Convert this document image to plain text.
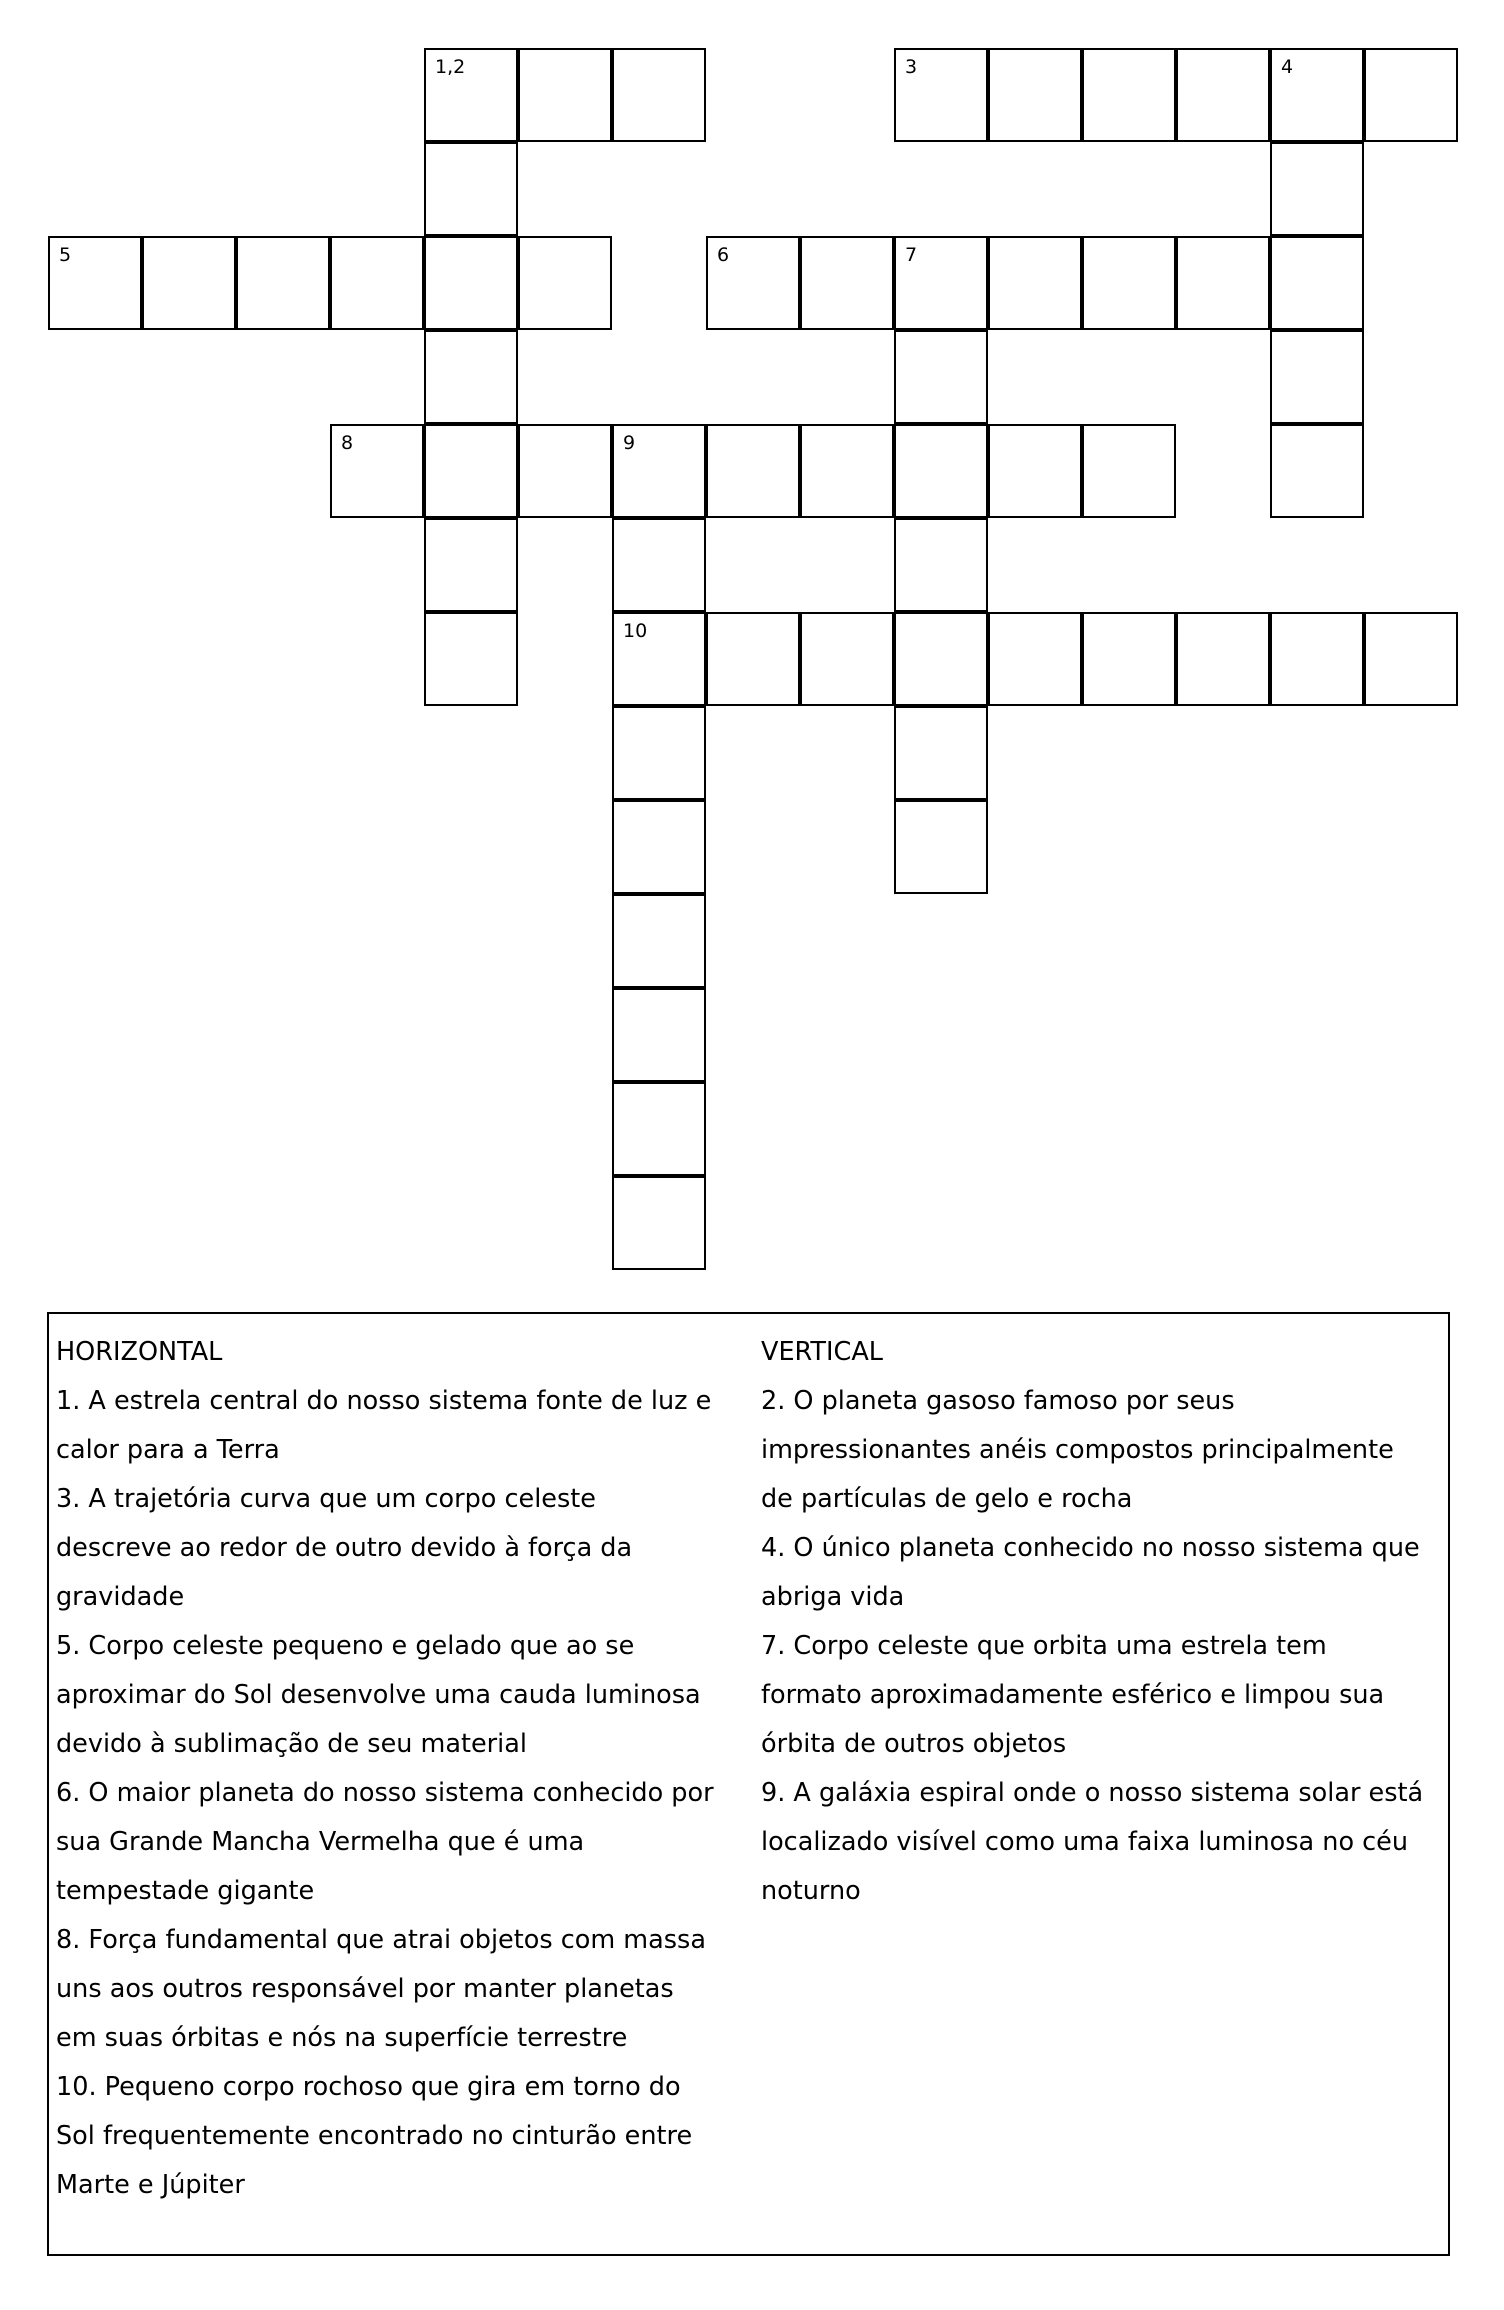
1,2	3	4
5	6	7
8	9
10
HORIZONTAL
1. A estrela central do nosso sistema fonte de luz e
calor para a Terra
3. A trajetória curva que um corpo celeste
descreve ao redor de outro devido à força da
gravidade
5. Corpo celeste pequeno e gelado que ao se
aproximar do Sol desenvolve uma cauda luminosa
devido à sublimação de seu material
6. O maior planeta do nosso sistema conhecido por
sua Grande Mancha Vermelha que é uma
tempestade gigante
8. Força fundamental que atrai objetos com massa
uns aos outros responsável por manter planetas
em suas órbitas e nós na superfície terrestre
10. Pequeno corpo rochoso que gira em torno do
Sol frequentemente encontrado no cinturão entre
Marte e Júpiter
VERTICAL
2. O planeta gasoso famoso por seus
impressionantes anéis compostos principalmente
de partículas de gelo e rocha
4. O único planeta conhecido no nosso sistema que
abriga vida
7. Corpo celeste que orbita uma estrela tem
formato aproximadamente esférico e limpou sua
órbita de outros objetos
9. A galáxia espiral onde o nosso sistema solar está
localizado visível como uma faixa luminosa no céu
noturno
